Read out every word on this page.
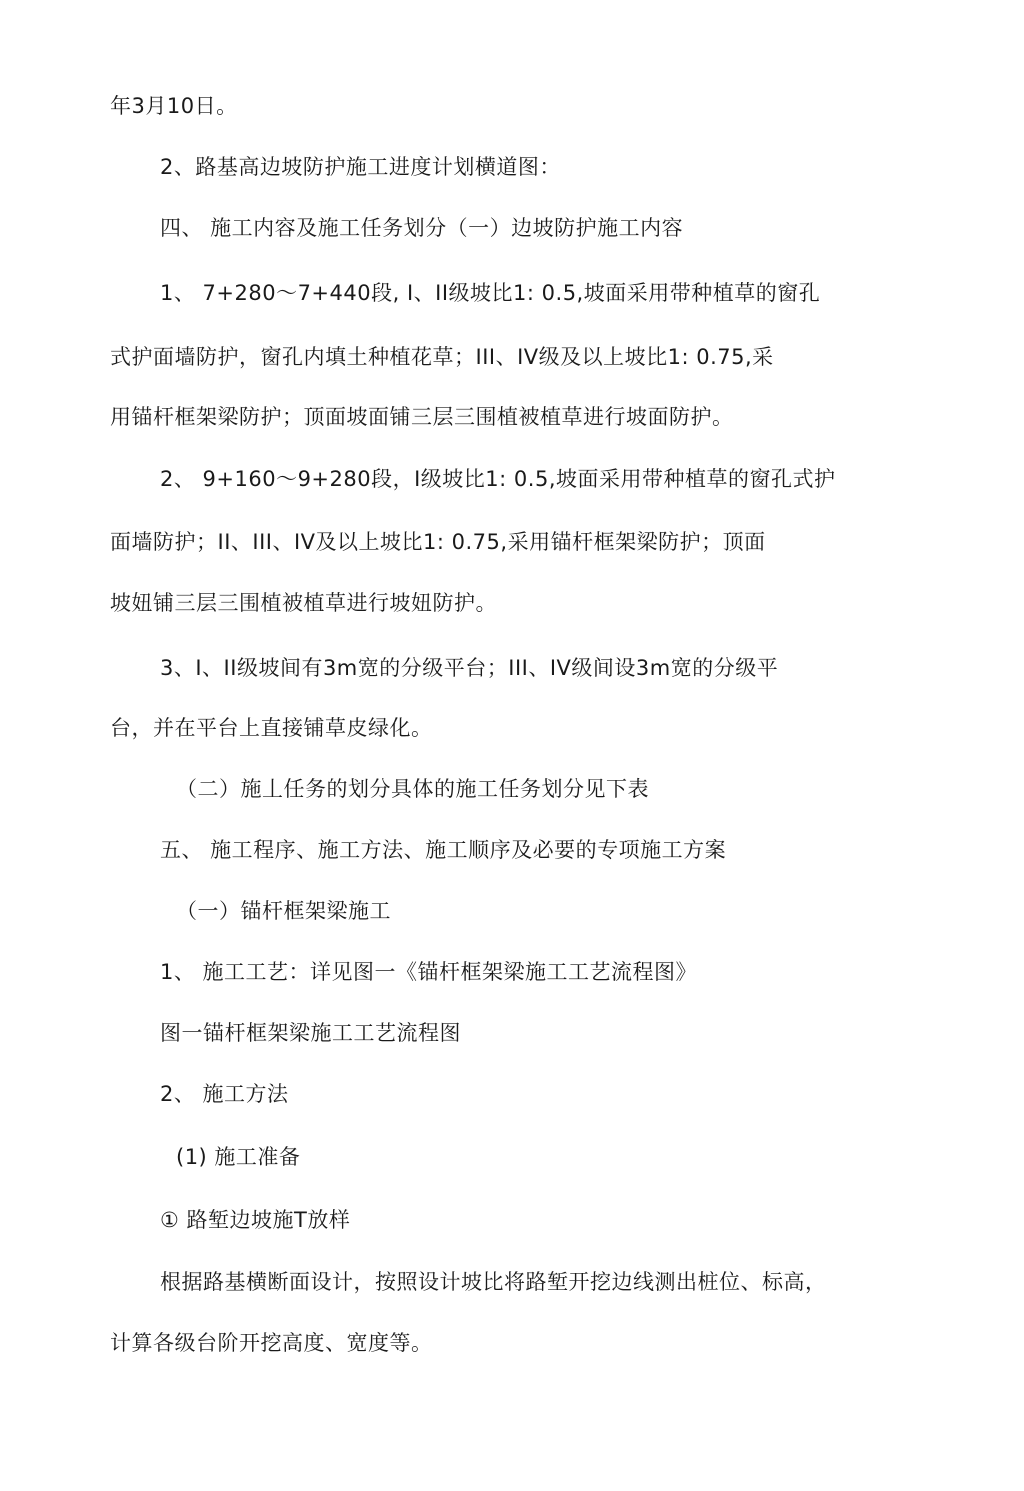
年3月10日。
2、路基高边坡防护施工进度计划横道图：
四、 施工内容及施工任务划分（一）边坡防护施工内容
1、 7+280～7+440段, I、II级坡比1: 0.5,坡面采用带种植草的窗孔
式护面墙防护，窗孔内填土种植花草；III、IV级及以上坡比1: 0.75,采
用锚杆框架梁防护；顶面坡面铺三层三围植被植草进行坡面防护。
2、 9+160～9+280段，I级坡比1: 0.5,坡面采用带种植草的窗孔式护
面墙防护；II、III、IV及以上坡比1: 0.75,采用锚杆框架梁防护；顶面
坡妞铺三层三围植被植草进行坡妞防护。
3、I、II级坡间有3m宽的分级平台；III、IV级间设3m宽的分级平
台，并在平台上直接铺草皮绿化。
（二）施丄任务的划分具体的施工任务划分见下表
五、 施工程序、施工方法、施工顺序及必要的专项施工方案
（一）锚杆框架梁施工
1、 施工工艺：详见图一《锚杆框架梁施工工艺流程图》
图一锚杆框架梁施工工艺流程图
2、 施工方法
(1) 施工准备
① 路堑边坡施T放样
根据路基横断面设计，按照设计坡比将路堑开挖边线测出桩位、标高，
计算各级台阶开挖高度、宽度等。
